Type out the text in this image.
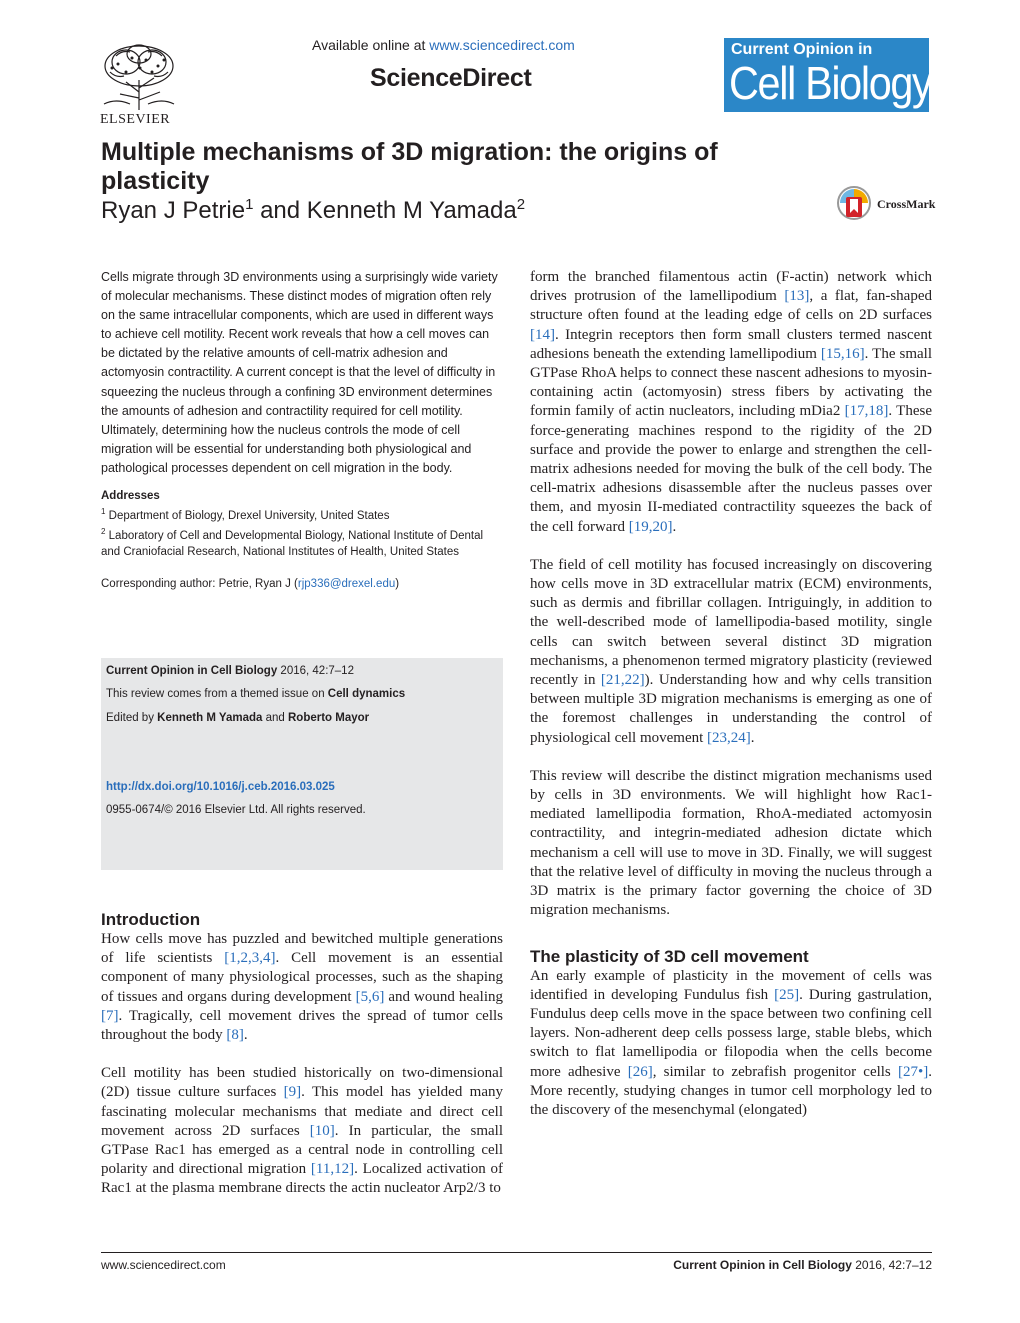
ELSEVIER
Available online at www.sciencedirect.com
ScienceDirect
Current Opinion in
Cell Biology
Multiple mechanisms of 3D migration: the origins of plasticity
Ryan J Petrie$^1$ and Kenneth M Yamada$^2$	CrossMark

Cells migrate through 3D environments using a surprisingly wide variety of molecular mechanisms. These distinct modes of migration often rely on the same intracellular components, which are used in different ways to achieve cell motility. Recent work reveals that how a cell moves can be dictated by the relative amounts of cell-matrix adhesion and actomyosin contractility. A current concept is that the level of difficulty in squeezing the nucleus through a confining 3D environment determines the amounts of adhesion and contractility required for cell motility. Ultimately, determining how the nucleus controls the mode of cell migration will be essential for understanding both physiological and pathological processes dependent on cell migration in the body.

Addresses

$^1$ Department of Biology, Drexel University, United States

$^2$ Laboratory of Cell and Developmental Biology, National Institute of Dental and Craniofacial Research, National Institutes of Health, United States

Corresponding author: Petrie, Ryan J (rjp336@drexel.edu)

Current Opinion in Cell Biology 2016, 42:7–12

This review comes from a themed issue on Cell dynamics

Edited by Kenneth M Yamada and Roberto Mayor

http://dx.doi.org/10.1016/j.ceb.2016.03.025

0955-0674/© 2016 Elsevier Ltd. All rights reserved.

Introduction

How cells move has puzzled and bewitched multiple generations of life scientists [1,2,3,4]. Cell movement is an essential component of many physiological processes, such as the shaping of tissues and organs during development [5,6] and wound healing [7]. Tragically, cell movement drives the spread of tumor cells throughout the body [8].

Cell motility has been studied historically on two-dimensional (2D) tissue culture surfaces [9]. This model has yielded many fascinating molecular mechanisms that mediate and direct cell movement across 2D surfaces [10]. In particular, the small GTPase Rac1 has emerged as a central node in controlling cell polarity and directional migration [11,12]. Localized activation of Rac1 at the plasma membrane directs the actin nucleator Arp2/3 to

form the branched filamentous actin (F-actin) network which drives protrusion of the lamellipodium [13], a flat, fan-shaped structure often found at the leading edge of cells on 2D surfaces [14]. Integrin receptors then form small clusters termed nascent adhesions beneath the extending lamellipodium [15,16]. The small GTPase RhoA helps to connect these nascent adhesions to myosin-containing actin (actomyosin) stress fibers by activating the formin family of actin nucleators, including mDia2 [17,18]. These force-generating machines respond to the rigidity of the 2D surface and provide the power to enlarge and strengthen the cell-matrix adhesions needed for moving the bulk of the cell body. The cell-matrix adhesions disassemble after the nucleus passes over them, and myosin II-mediated contractility squeezes the back of the cell forward [19,20].

The field of cell motility has focused increasingly on discovering how cells move in 3D extracellular matrix (ECM) environments, such as dermis and fibrillar collagen. Intriguingly, in addition to the well-described mode of lamellipodia-based motility, single cells can switch between several distinct 3D migration mechanisms, a phenomenon termed migratory plasticity (reviewed recently in [21,22]). Understanding how and why cells transition between multiple 3D migration mechanisms is emerging as one of the foremost challenges in understanding the control of physiological cell movement [23,24].

This review will describe the distinct migration mechanisms used by cells in 3D environments. We will highlight how Rac1-mediated lamellipodia formation, RhoA-mediated actomyosin contractility, and integrin-mediated adhesion dictate which mechanism a cell will use to move in 3D. Finally, we will suggest that the relative level of difficulty in moving the nucleus through a 3D matrix is the primary factor governing the choice of 3D migration mechanisms.

The plasticity of 3D cell movement

An early example of plasticity in the movement of cells was identified in developing Fundulus fish [25]. During gastrulation, Fundulus deep cells move in the space between two confining cell layers. Non-adherent deep cells possess large, stable blebs, which switch to flat lamellipodia or filopodia when the cells become more adhesive [26], similar to zebrafish progenitor cells [27•]. More recently, studying changes in tumor cell morphology led to the discovery of the mesenchymal (elongated)

www.sciencedirect.com	Current Opinion in Cell Biology 2016, 42:7–12
